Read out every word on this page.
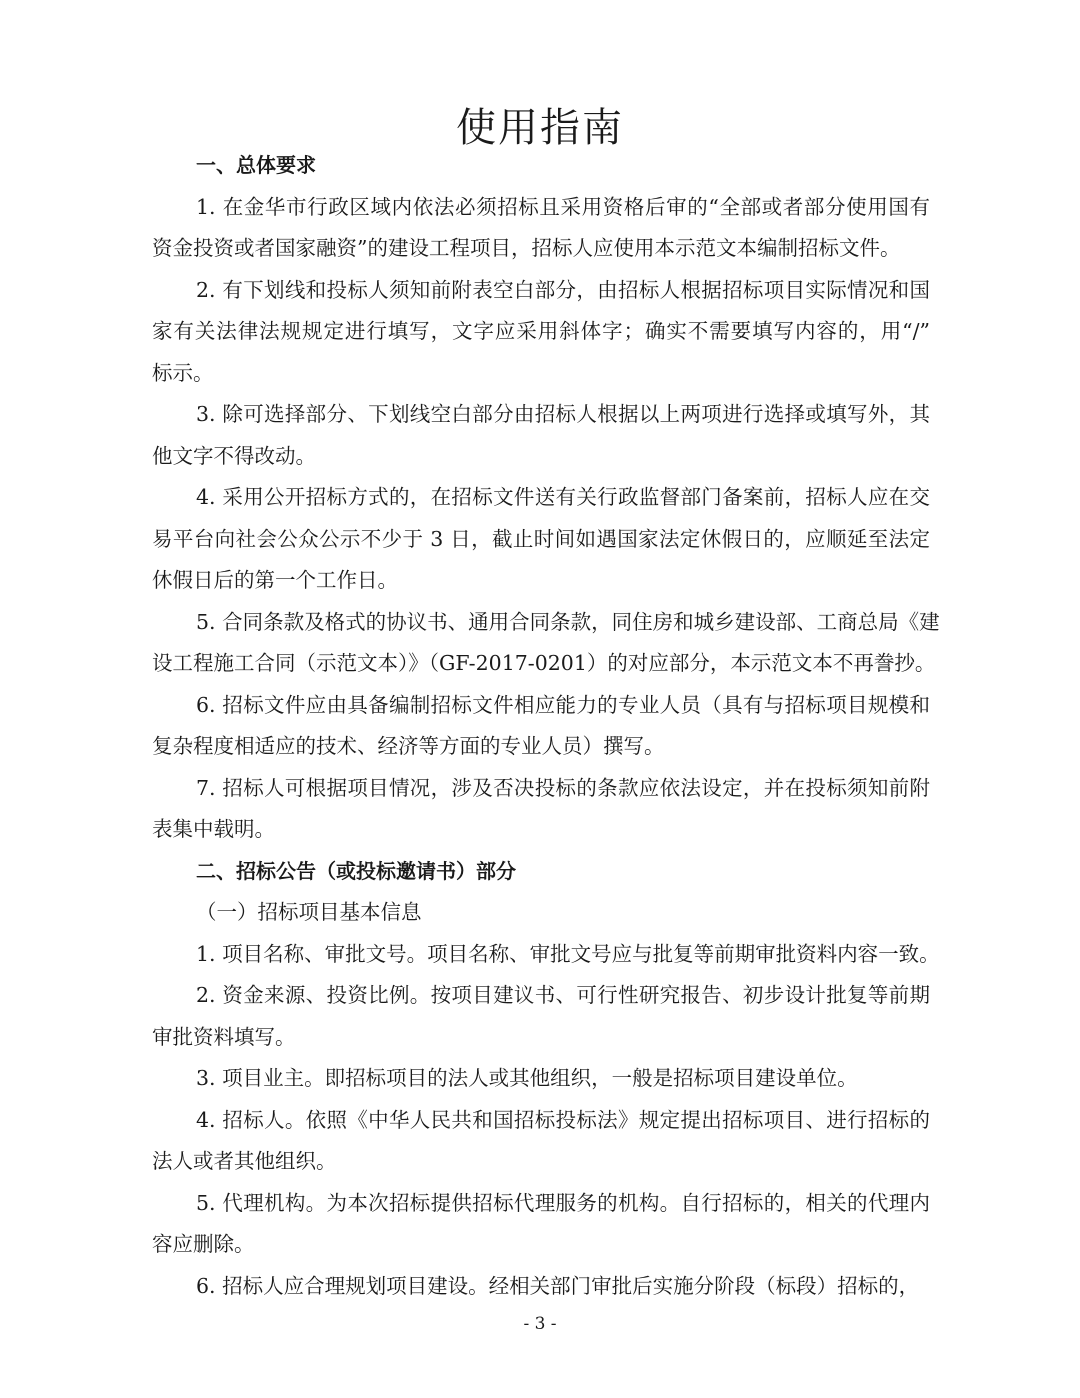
使用指南
一、总体要求
1. 在金华市行政区域内依法必须招标且采用资格后审的“全部或者部分使用国有
资金投资或者国家融资”的建设工程项目，招标人应使用本示范文本编制招标文件。
2. 有下划线和投标人须知前附表空白部分，由招标人根据招标项目实际情况和国
家有关法律法规规定进行填写，文字应采用斜体字；确实不需要填写内容的，用“/”
标示。
3. 除可选择部分、下划线空白部分由招标人根据以上两项进行选择或填写外，其
他文字不得改动。
4. 采用公开招标方式的，在招标文件送有关行政监督部门备案前，招标人应在交
易平台向社会公众公示不少于 3 日，截止时间如遇国家法定休假日的，应顺延至法定
休假日后的第一个工作日。
5. 合同条款及格式的协议书、通用合同条款，同住房和城乡建设部、工商总局《建
设工程施工合同（示范文本）》（GF-2017-0201）的对应部分，本示范文本不再誊抄。
6. 招标文件应由具备编制招标文件相应能力的专业人员（具有与招标项目规模和
复杂程度相适应的技术、经济等方面的专业人员）撰写。
7. 招标人可根据项目情况，涉及否决投标的条款应依法设定，并在投标须知前附
表集中载明。
二、招标公告（或投标邀请书）部分
（一）招标项目基本信息
1. 项目名称、审批文号。项目名称、审批文号应与批复等前期审批资料内容一致。
2. 资金来源、投资比例。按项目建议书、可行性研究报告、初步设计批复等前期
审批资料填写。
3. 项目业主。即招标项目的法人或其他组织，一般是招标项目建设单位。
4. 招标人。依照《中华人民共和国招标投标法》规定提出招标项目、进行招标的
法人或者其他组织。
5. 代理机构。为本次招标提供招标代理服务的机构。自行招标的，相关的代理内
容应删除。
6. 招标人应合理规划项目建设。经相关部门审批后实施分阶段（标段）招标的，
- 3 -
